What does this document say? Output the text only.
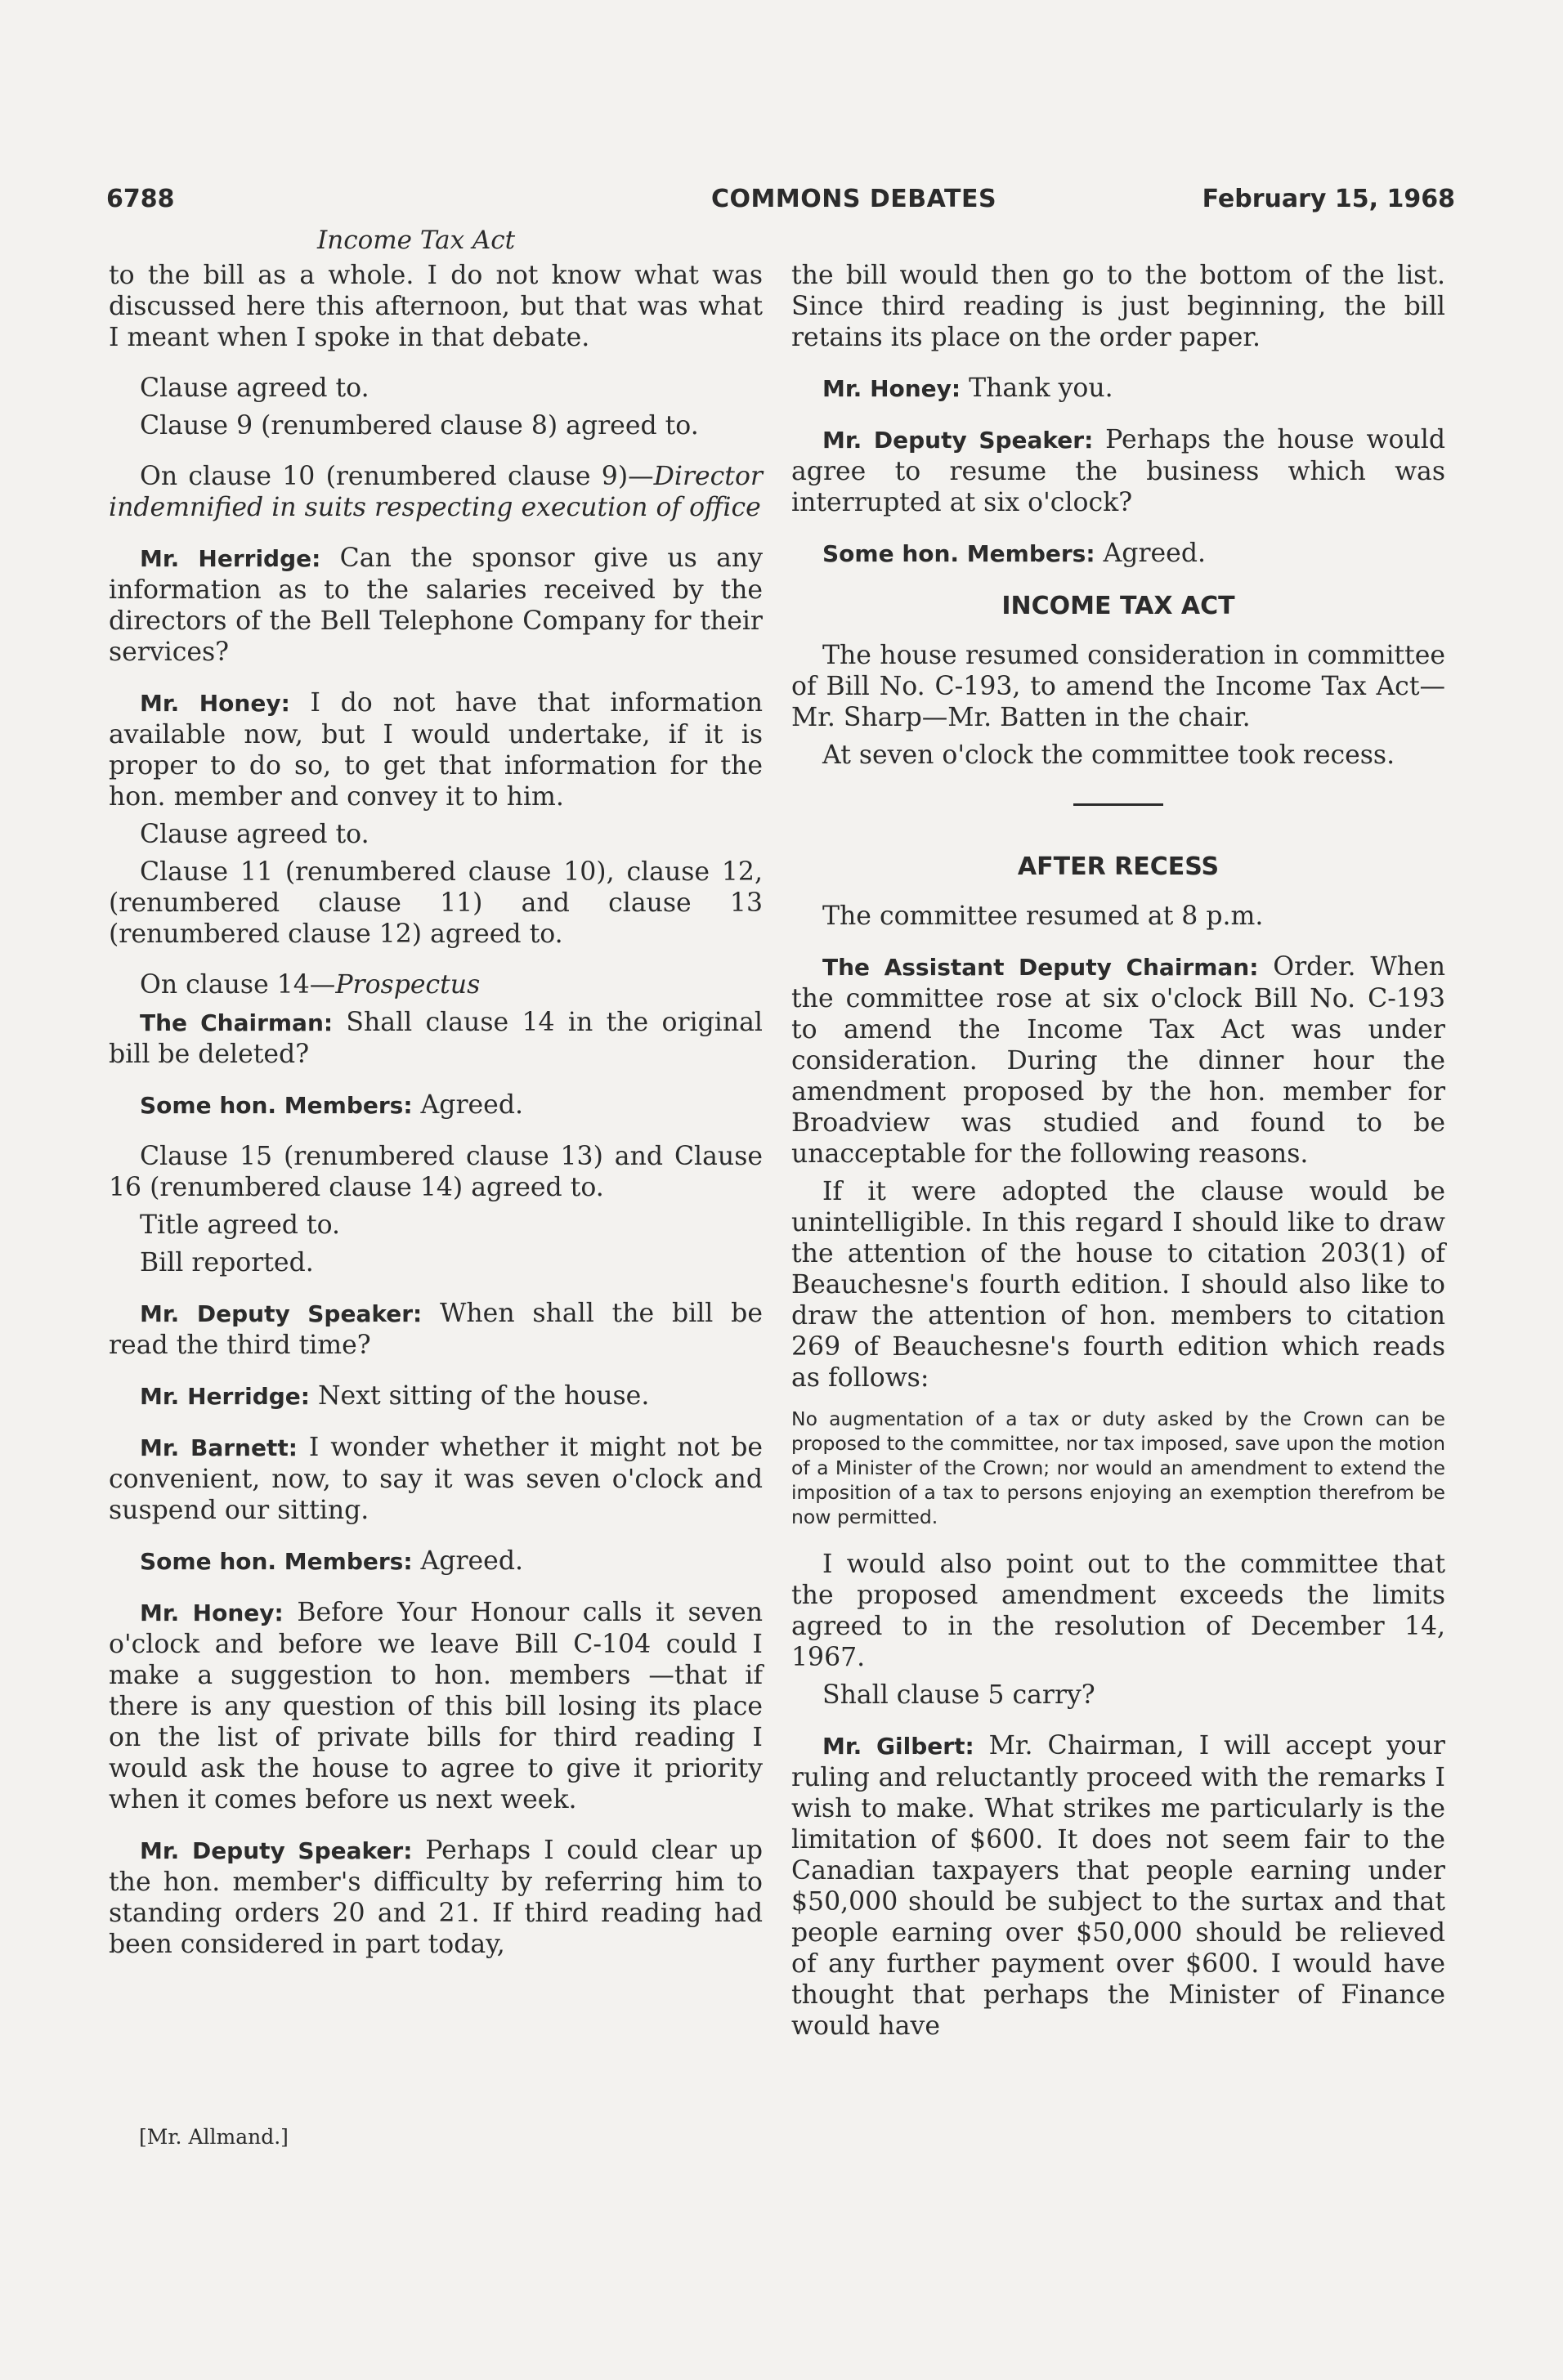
6788	COMMONS DEBATES	February 15, 1968
Income Tax Act

to the bill as a whole. I do not know what was discussed here this afternoon, but that was what I meant when I spoke in that debate.

Clause agreed to.

Clause 9 (renumbered clause 8) agreed to.

On clause 10 (renumbered clause 9)—Director indemnified in suits respecting execution of office

Mr. Herridge: Can the sponsor give us any information as to the salaries received by the directors of the Bell Telephone Company for their services?

Mr. Honey: I do not have that information available now, but I would undertake, if it is proper to do so, to get that information for the hon. member and convey it to him.

Clause agreed to.

Clause 11 (renumbered clause 10), clause 12, (renumbered clause 11) and clause 13 (renumbered clause 12) agreed to.

On clause 14—Prospectus

The Chairman: Shall clause 14 in the original bill be deleted?

Some hon. Members: Agreed.

Clause 15 (renumbered clause 13) and Clause 16 (renumbered clause 14) agreed to.

Title agreed to.

Bill reported.

Mr. Deputy Speaker: When shall the bill be read the third time?

Mr. Herridge: Next sitting of the house.

Mr. Barnett: I wonder whether it might not be convenient, now, to say it was seven o'clock and suspend our sitting.

Some hon. Members: Agreed.

Mr. Honey: Before Your Honour calls it seven o'clock and before we leave Bill C-104 could I make a suggestion to hon. members —that if there is any question of this bill losing its place on the list of private bills for third reading I would ask the house to agree to give it priority when it comes before us next week.

Mr. Deputy Speaker: Perhaps I could clear up the hon. member's difficulty by referring him to standing orders 20 and 21. If third reading had been considered in part today,

[Mr. Allmand.]

the bill would then go to the bottom of the list. Since third reading is just beginning, the bill retains its place on the order paper.

Mr. Honey: Thank you.

Mr. Deputy Speaker: Perhaps the house would agree to resume the business which was interrupted at six o'clock?

Some hon. Members: Agreed.

INCOME TAX ACT

The house resumed consideration in committee of Bill No. C-193, to amend the Income Tax Act—Mr. Sharp—Mr. Batten in the chair.

At seven o'clock the committee took recess.

AFTER RECESS

The committee resumed at 8 p.m.

The Assistant Deputy Chairman: Order. When the committee rose at six o'clock Bill No. C-193 to amend the Income Tax Act was under consideration. During the dinner hour the amendment proposed by the hon. member for Broadview was studied and found to be unacceptable for the following reasons.

If it were adopted the clause would be unintelligible. In this regard I should like to draw the attention of the house to citation 203(1) of Beauchesne's fourth edition. I should also like to draw the attention of hon. members to citation 269 of Beauchesne's fourth edition which reads as follows:

No augmentation of a tax or duty asked by the Crown can be proposed to the committee, nor tax imposed, save upon the motion of a Minister of the Crown; nor would an amendment to extend the imposition of a tax to persons enjoying an exemption therefrom be now permitted.

I would also point out to the committee that the proposed amendment exceeds the limits agreed to in the resolution of December 14, 1967.

Shall clause 5 carry?

Mr. Gilbert: Mr. Chairman, I will accept your ruling and reluctantly proceed with the remarks I wish to make. What strikes me particularly is the limitation of $600. It does not seem fair to the Canadian taxpayers that people earning under $50,000 should be subject to the surtax and that people earning over $50,000 should be relieved of any further payment over $600. I would have thought that perhaps the Minister of Finance would have
